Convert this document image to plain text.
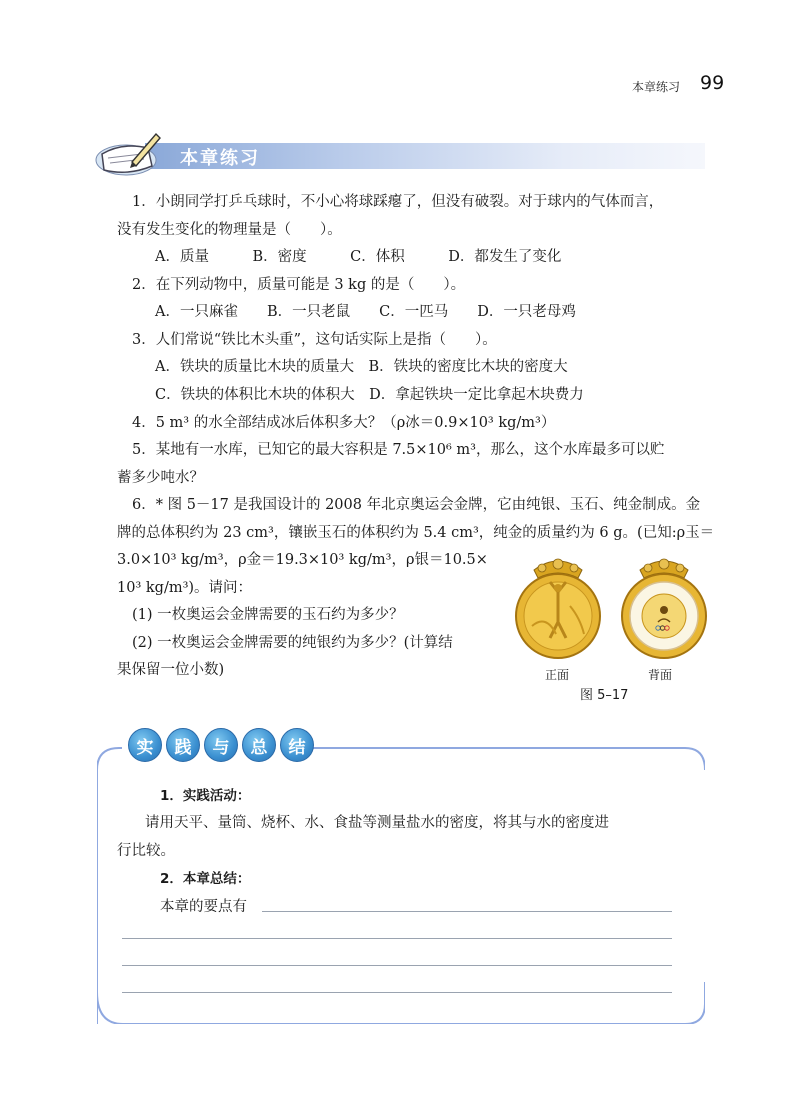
本章练习 99
本章练习
1．小朗同学打乒乓球时，不小心将球踩瘪了，但没有破裂。对于球内的气体而言，
没有发生变化的物理量是（　　）。
A．质量　　　B．密度　　　C．体积　　　D．都发生了变化
2．在下列动物中，质量可能是 3 kg 的是（　　）。
A．一只麻雀　　B．一只老鼠　　C．一匹马　　D．一只老母鸡
3．人们常说“铁比木头重”，这句话实际上是指（　　）。
A．铁块的质量比木块的质量大　B．铁块的密度比木块的密度大
C．铁块的体积比木块的体积大　D．拿起铁块一定比拿起木块费力
4．5 m³ 的水全部结成冰后体积多大？（ρ冰＝0.9×10³ kg/m³）
5．某地有一水库，已知它的最大容积是 7.5×10⁶ m³，那么，这个水库最多可以贮
蓄多少吨水？
6．* 图 5－17 是我国设计的 2008 年北京奥运会金牌，它由纯银、玉石、纯金制成。金
牌的总体积约为 23 cm³，镶嵌玉石的体积约为 5.4 cm³，纯金的质量约为 6 g。(已知:ρ玉＝
3.0×10³ kg/m³，ρ金＝19.3×10³ kg/m³，ρ银＝10.5×
10³ kg/m³)。请问：
(1) 一枚奥运会金牌需要的玉石约为多少？
(2) 一枚奥运会金牌需要的纯银约为多少？(计算结
果保留一位小数)	正面	背面
图 5–17
实	践	与	总	结
1．实践活动：
请用天平、量筒、烧杯、水、食盐等测量盐水的密度，将其与水的密度进
行比较。
2．本章总结：
本章的要点有
